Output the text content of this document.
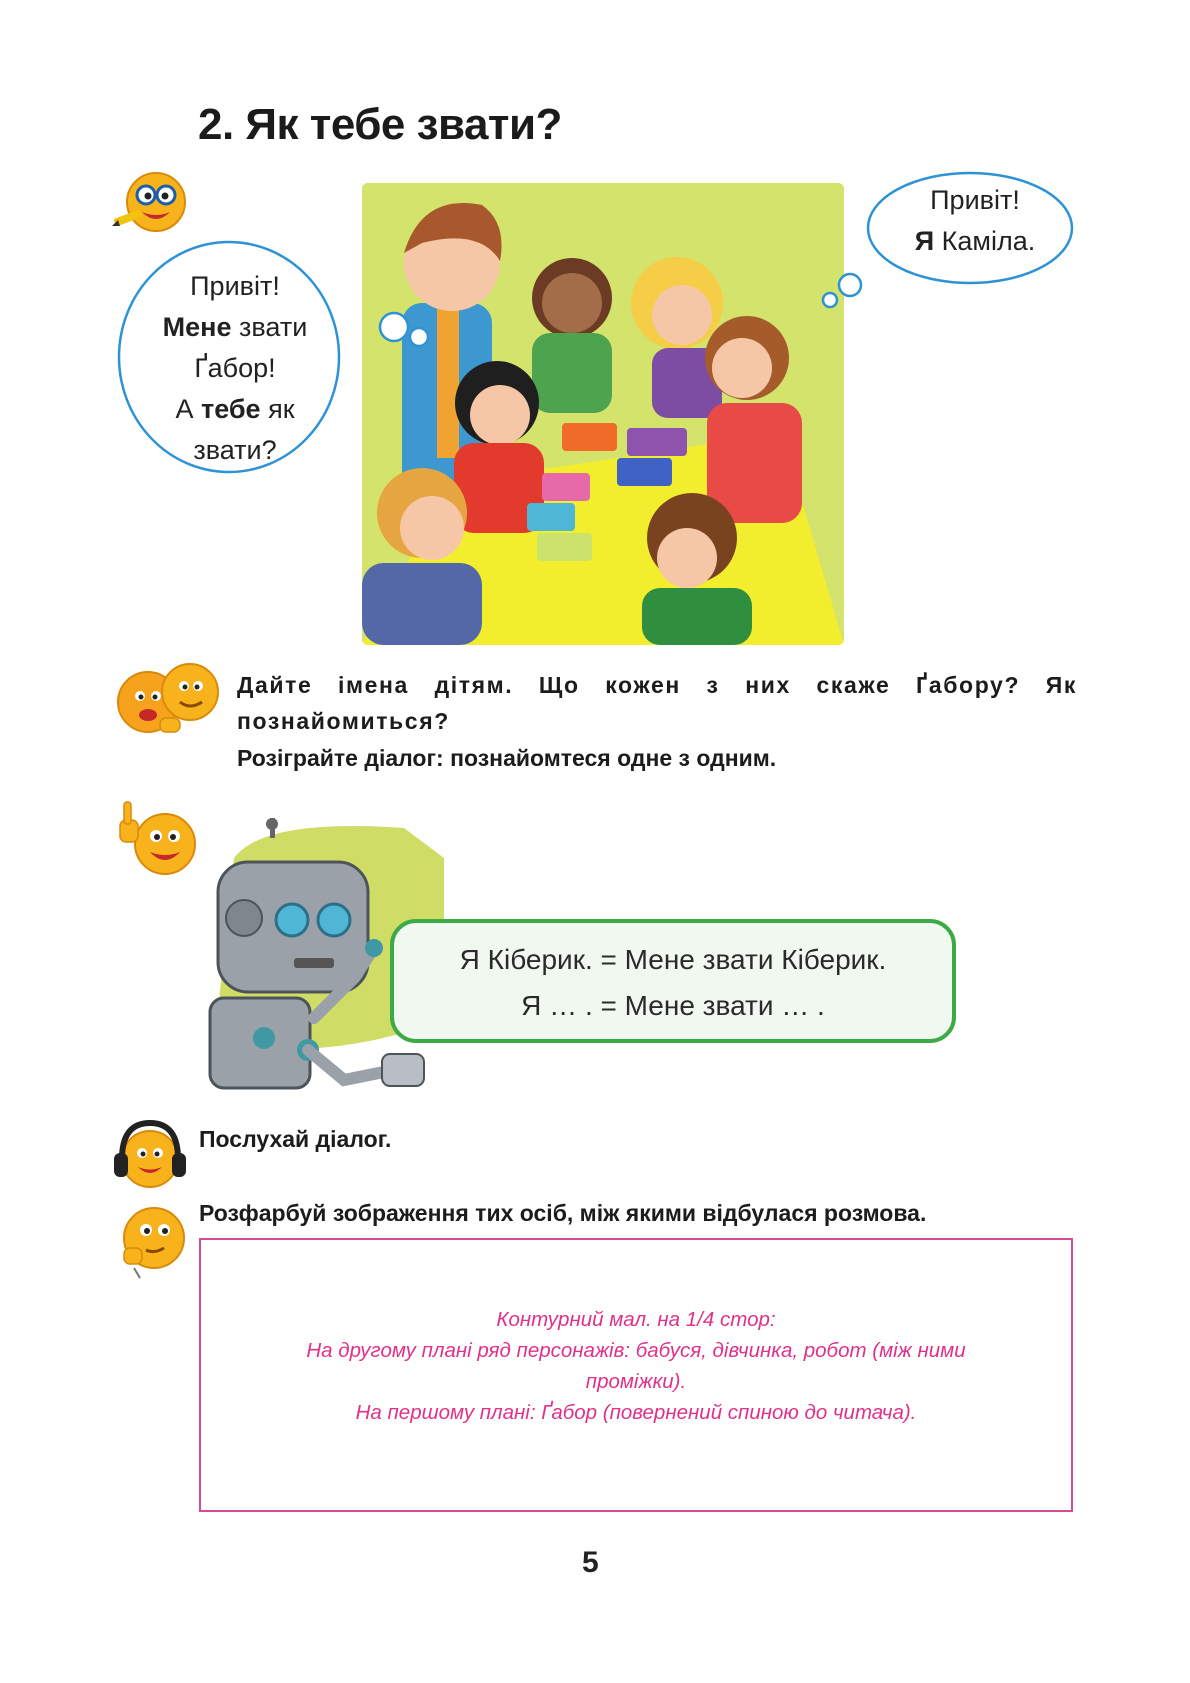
2. Як тебе звати?
Привіт!
Мене звати
Ґабор!
А тебе як
звати?
Привіт!
Я Каміла.
Дайте імена дітям. Що кожен з них скаже Ґабору? Як
познайомиться?
Розіграйте діалог: познайомтеся одне з одним.

Я Кіберик. = Мене звати Кіберик.

Я … . = Мене звати … .

Послухай діалог.
Розфарбуй зображення тих осіб, між якими відбулася розмова.

Контурний мал. на 1/4 стор:

На другому плані ряд персонажів: бабуся, дівчинка, робот (між ними

проміжки).

На першому плані: Ґабор (повернений спиною до читача).

5
